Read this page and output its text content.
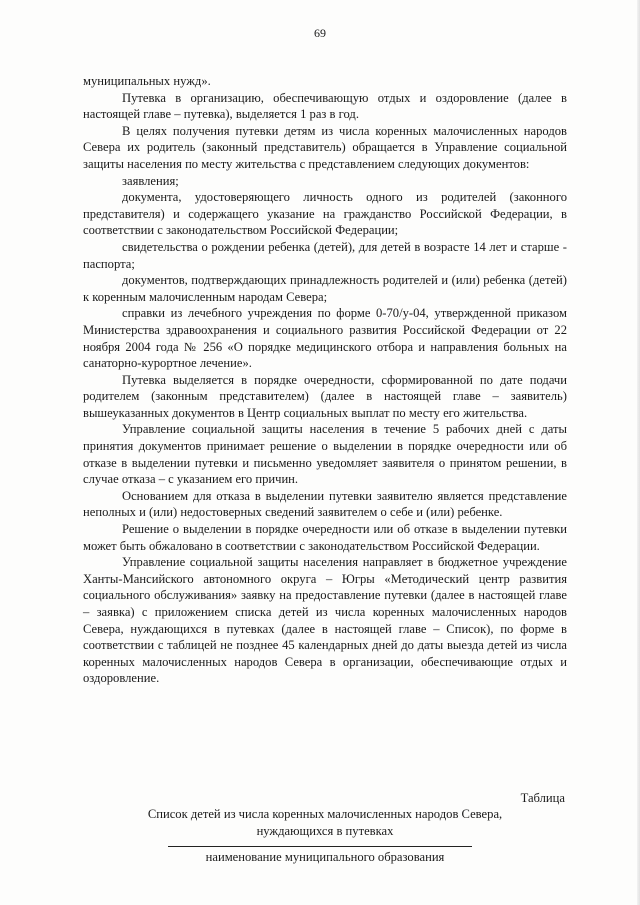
69

муниципальных нужд».

Путевка в организацию, обеспечивающую отдых и оздоровление (далее в настоящей главе – путевка), выделяется 1 раз в год.

В целях получения путевки детям из числа коренных малочисленных народов Севера их родитель (законный представитель) обращается в Управление социальной защиты населения по месту жительства с представлением следующих документов:

заявления;

документа, удостоверяющего личность одного из родителей (законного представителя) и содержащего указание на гражданство Российской Федерации, в соответствии с законодательством Российской Федерации;

свидетельства о рождении ребенка (детей), для детей в возрасте 14 лет и старше - паспорта;

документов, подтверждающих принадлежность родителей и (или) ребенка (детей) к коренным малочисленным народам Севера;

справки из лечебного учреждения по форме 0-70/у-04, утвержденной приказом Министерства здравоохранения и социального развития Российской Федерации от 22 ноября 2004 года № 256 «О порядке медицинского отбора и направления больных на санаторно-курортное лечение».

Путевка выделяется в порядке очередности, сформированной по дате подачи родителем (законным представителем) (далее в настоящей главе – заявитель) вышеуказанных документов в Центр социальных выплат по месту его жительства.

Управление социальной защиты населения в течение 5 рабочих дней с даты принятия документов принимает решение о выделении в порядке очередности или об отказе в выделении путевки и письменно уведомляет заявителя о принятом решении, в случае отказа – с указанием его причин.

Основанием для отказа в выделении путевки заявителю является представление неполных и (или) недостоверных сведений заявителем о себе и (или) ребенке.

Решение о выделении в порядке очередности или об отказе в выделении путевки может быть обжаловано в соответствии с законодательством Российской Федерации.

Управление социальной защиты населения направляет в бюджетное учреждение Ханты-Мансийского автономного округа – Югры «Методический центр развития социального обслуживания» заявку на предоставление путевки (далее в настоящей главе – заявка) с приложением списка детей из числа коренных малочисленных народов Севера, нуждающихся в путевках (далее в настоящей главе – Список), по форме в соответствии с таблицей не позднее 45 календарных дней до даты выезда детей из числа коренных малочисленных народов Севера в организации, обеспечивающие отдых и оздоровление.

Таблица
Список детей из числа коренных малочисленных народов Севера,
нуждающихся в путевках
наименование муниципального образования
